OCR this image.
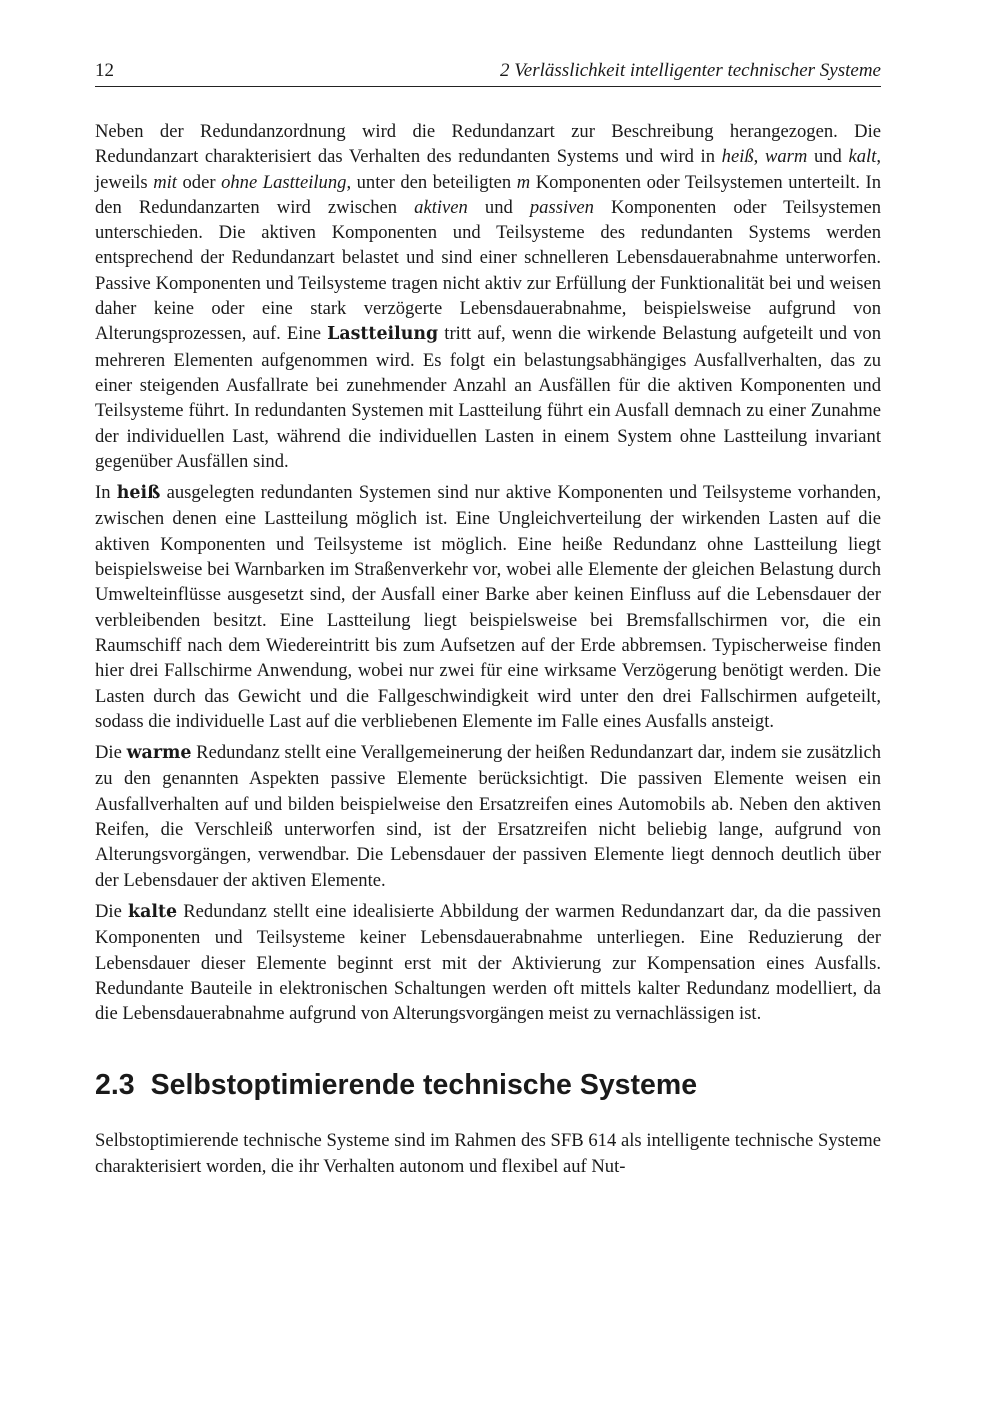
12	2 Verlässlichkeit intelligenter technischer Systeme

Neben der Redundanzordnung wird die Redundanzart zur Beschreibung herangezogen. Die Redundanzart charakterisiert das Verhalten des redundanten Systems und wird in heiß, warm und kalt, jeweils mit oder ohne Lastteilung, unter den beteiligten m Komponenten oder Teilsystemen unterteilt. In den Redundanzarten wird zwischen aktiven und passiven Komponenten oder Teilsystemen unterschieden. Die aktiven Komponenten und Teilsysteme des redundanten Systems werden entsprechend der Redundanzart belastet und sind einer schnelleren Lebensdauerabnahme unterworfen. Passive Komponenten und Teilsysteme tragen nicht aktiv zur Erfüllung der Funktionalität bei und weisen daher keine oder eine stark verzögerte Lebensdauerabnahme, beispielsweise aufgrund von Alterungsprozessen, auf. Eine Lastteilung tritt auf, wenn die wirkende Belastung aufgeteilt und von mehreren Elementen aufgenommen wird. Es folgt ein belastungsabhängiges Ausfallverhalten, das zu einer steigenden Ausfallrate bei zunehmender Anzahl an Ausfällen für die aktiven Komponenten und Teilsysteme führt. In redundanten Systemen mit Lastteilung führt ein Ausfall demnach zu einer Zunahme der individuellen Last, während die individuellen Lasten in einem System ohne Lastteilung invariant gegenüber Ausfällen sind.

In heiß ausgelegten redundanten Systemen sind nur aktive Komponenten und Teilsysteme vorhanden, zwischen denen eine Lastteilung möglich ist. Eine Ungleichverteilung der wirkenden Lasten auf die aktiven Komponenten und Teilsysteme ist möglich. Eine heiße Redundanz ohne Lastteilung liegt beispielsweise bei Warnbarken im Straßenverkehr vor, wobei alle Elemente der gleichen Belastung durch Umwelteinflüsse ausgesetzt sind, der Ausfall einer Barke aber keinen Einfluss auf die Lebensdauer der verbleibenden besitzt. Eine Lastteilung liegt beispielsweise bei Bremsfallschirmen vor, die ein Raumschiff nach dem Wiedereintritt bis zum Aufsetzen auf der Erde abbremsen. Typischerweise finden hier drei Fallschirme Anwendung, wobei nur zwei für eine wirksame Verzögerung benötigt werden. Die Lasten durch das Gewicht und die Fallgeschwindigkeit wird unter den drei Fallschirmen aufgeteilt, sodass die individuelle Last auf die verbliebenen Elemente im Falle eines Ausfalls ansteigt.

Die warme Redundanz stellt eine Verallgemeinerung der heißen Redundanzart dar, indem sie zusätzlich zu den genannten Aspekten passive Elemente berücksichtigt. Die passiven Elemente weisen ein Ausfallverhalten auf und bilden beispielweise den Ersatzreifen eines Automobils ab. Neben den aktiven Reifen, die Verschleiß unterworfen sind, ist der Ersatzreifen nicht beliebig lange, aufgrund von Alterungsvorgängen, verwendbar. Die Lebensdauer der passiven Elemente liegt dennoch deutlich über der Lebensdauer der aktiven Elemente.

Die kalte Redundanz stellt eine idealisierte Abbildung der warmen Redundanzart dar, da die passiven Komponenten und Teilsysteme keiner Lebensdauerabnahme unterliegen. Eine Reduzierung der Lebensdauer dieser Elemente beginnt erst mit der Aktivierung zur Kompensation eines Ausfalls. Redundante Bauteile in elektronischen Schaltungen werden oft mittels kalter Redundanz modelliert, da die Lebensdauerabnahme aufgrund von Alterungsvorgängen meist zu vernachlässigen ist.

2.3 Selbstoptimierende technische Systeme

Selbstoptimierende technische Systeme sind im Rahmen des SFB 614 als intelligente technische Systeme charakterisiert worden, die ihr Verhalten autonom und flexibel auf Nut-
